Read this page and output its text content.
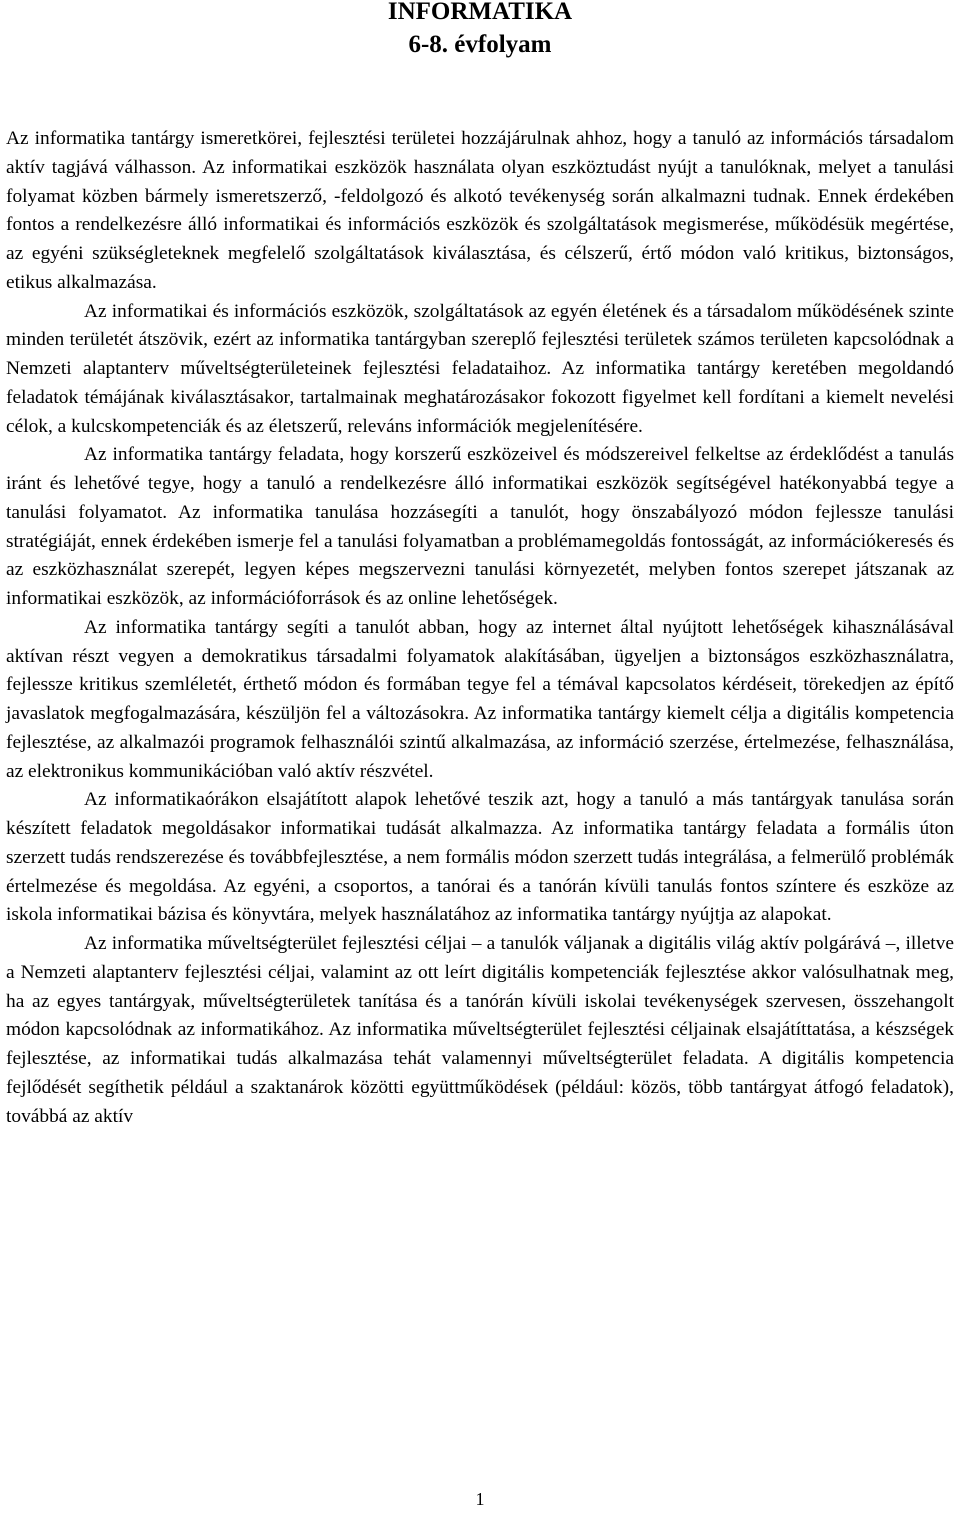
INFORMATIKA
6-8. évfolyam

Az informatika tantárgy ismeretkörei, fejlesztési területei hozzájárulnak ahhoz, hogy a tanuló az információs társadalom aktív tagjává válhasson. Az informatikai eszközök használata olyan eszköztudást nyújt a tanulóknak, melyet a tanulási folyamat közben bármely ismeretszerző, -feldolgozó és alkotó tevékenység során alkalmazni tudnak. Ennek érdekében fontos a rendelkezésre álló informatikai és információs eszközök és szolgáltatások megismerése, működésük megértése, az egyéni szükségleteknek megfelelő szolgáltatások kiválasztása, és célszerű, értő módon való kritikus, biztonságos, etikus alkalmazása.

Az informatikai és információs eszközök, szolgáltatások az egyén életének és a társadalom működésének szinte minden területét átszövik, ezért az informatika tantárgyban szereplő fejlesztési területek számos területen kapcsolódnak a Nemzeti alaptanterv műveltségterületeinek fejlesztési feladataihoz. Az informatika tantárgy keretében megoldandó feladatok témájának kiválasztásakor, tartalmainak meghatározásakor fokozott figyelmet kell fordítani a kiemelt nevelési célok, a kulcskompetenciák és az életszerű, releváns információk megjelenítésére.

Az informatika tantárgy feladata, hogy korszerű eszközeivel és módszereivel felkeltse az érdeklődést a tanulás iránt és lehetővé tegye, hogy a tanuló a rendelkezésre álló informatikai eszközök segítségével hatékonyabbá tegye a tanulási folyamatot. Az informatika tanulása hozzásegíti a tanulót, hogy önszabályozó módon fejlessze tanulási stratégiáját, ennek érdekében ismerje fel a tanulási folyamatban a problémamegoldás fontosságát, az információkeresés és az eszközhasználat szerepét, legyen képes megszervezni tanulási környezetét, melyben fontos szerepet játszanak az informatikai eszközök, az információforrások és az online lehetőségek.

Az informatika tantárgy segíti a tanulót abban, hogy az internet által nyújtott lehetőségek kihasználásával aktívan részt vegyen a demokratikus társadalmi folyamatok alakításában, ügyeljen a biztonságos eszközhasználatra, fejlesszе kritikus szemléletét, érthető módon és formában tegye fel a témával kapcsolatos kérdéseit, törekedjen az építő javaslatok megfogalmazására, készüljön fel a változásokra. Az informatika tantárgy kiemelt célja a digitális kompetencia fejlesztése, az alkalmazói programok felhasználói szintű alkalmazása, az információ szerzése, értelmezése, felhasználása, az elektronikus kommunikációban való aktív részvétel.

Az informatikaórákon elsajátított alapok lehetővé teszik azt, hogy a tanuló a más tantárgyak tanulása során készített feladatok megoldásakor informatikai tudását alkalmazza. Az informatika tantárgy feladata a formális úton szerzett tudás rendszerezése és továbbfejlesztése, a nem formális módon szerzett tudás integrálása, a felmerülő problémák értelmezése és megoldása. Az egyéni, a csoportos, a tanórai és a tanórán kívüli tanulás fontos színtere és eszköze az iskola informatikai bázisa és könyvtára, melyek használatához az informatika tantárgy nyújtja az alapokat.

Az informatika műveltségterület fejlesztési céljai – a tanulók váljanak a digitális világ aktív polgárává –, illetve a Nemzeti alaptanterv fejlesztési céljai, valamint az ott leírt digitális kompetenciák fejlesztése akkor valósulhatnak meg, ha az egyes tantárgyak, műveltségterületek tanítása és a tanórán kívüli iskolai tevékenységek szervesen, összehangolt módon kapcsolódnak az informatikához. Az informatika műveltségterület fejlesztési céljainak elsajátíttatása, a készségek fejlesztése, az informatikai tudás alkalmazása tehát valamennyi műveltségterület feladata. A digitális kompetencia fejlődését segíthetik például a szaktanárok közötti együttműködések (például: közös, több tantárgyat átfogó feladatok), továbbá az aktív

1
